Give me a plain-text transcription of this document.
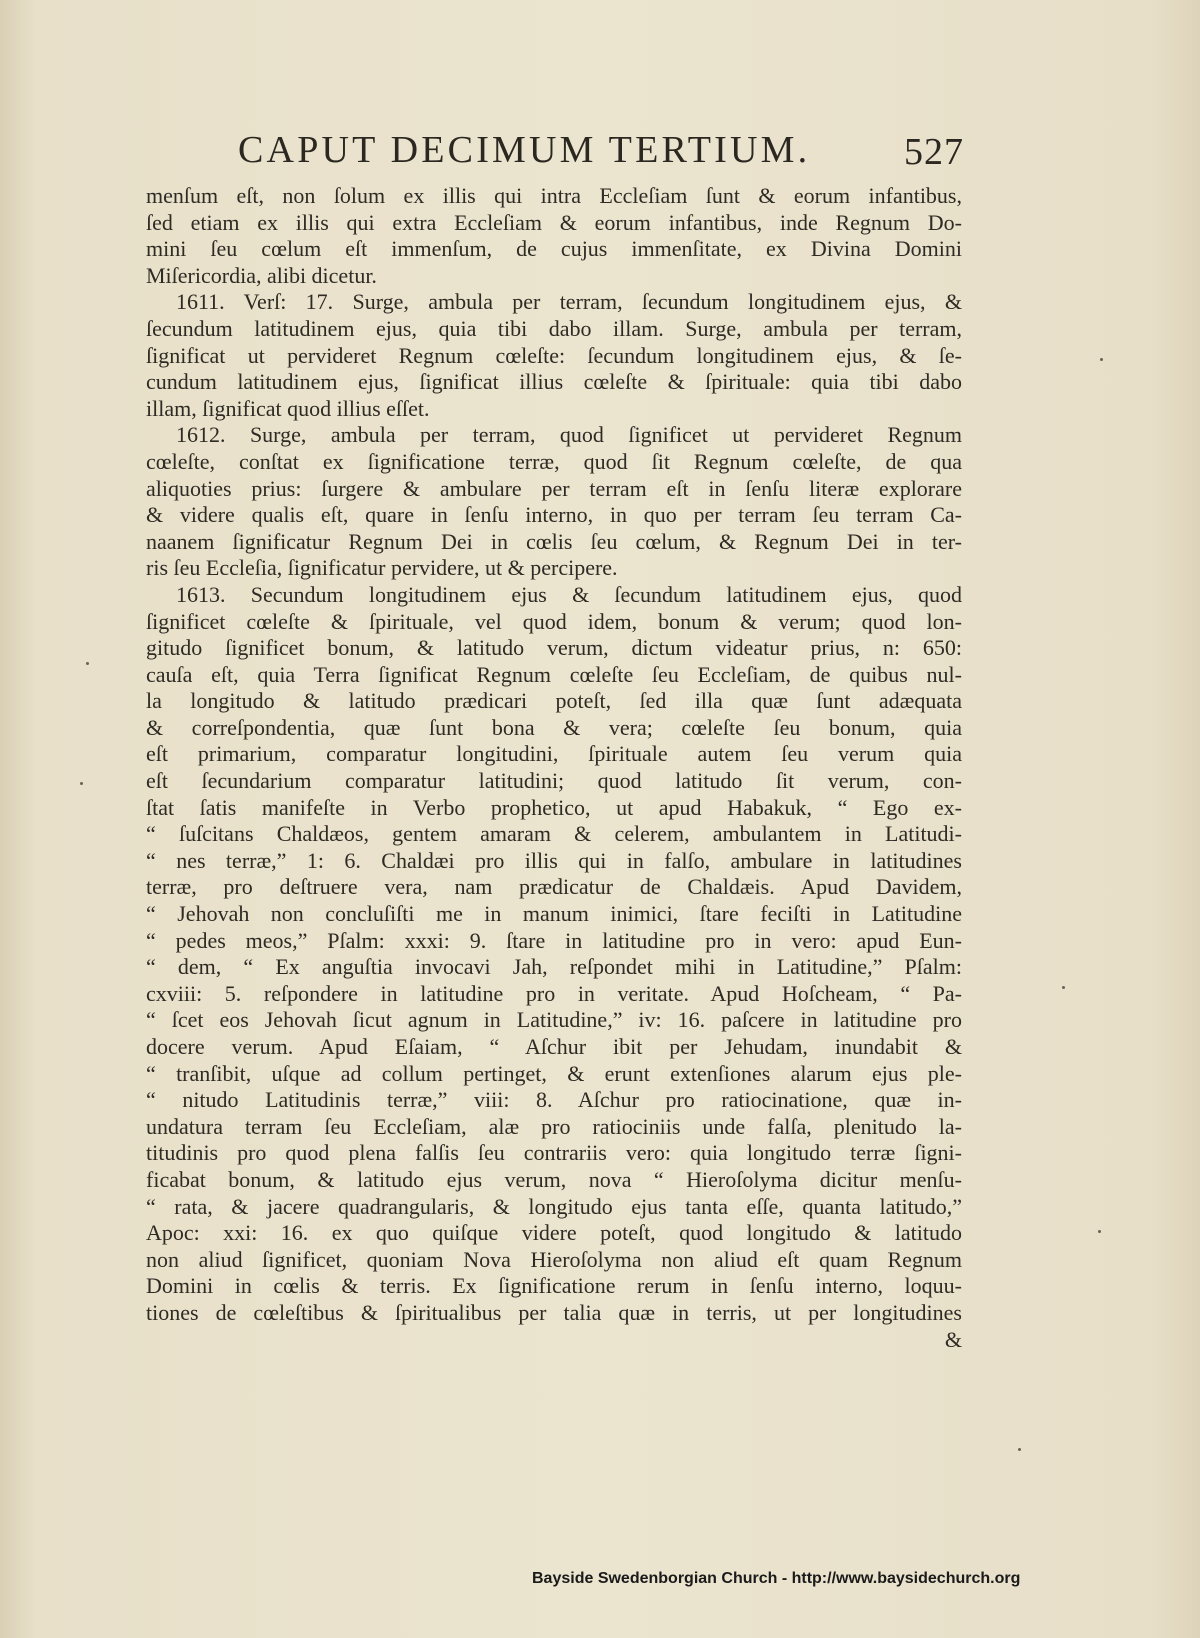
CAPUT DECIMUM TERTIUM. 527
menſum eſt, non ſolum ex illis qui intra Eccleſiam ſunt & eorum infantibus,
ſed etiam ex illis qui extra Eccleſiam & eorum infantibus, inde Regnum Do-
mini ſeu cœlum eſt immenſum, de cujus immenſitate, ex Divina Domini
Miſericordia, alibi dicetur.
1611. Verſ: 17. Surge, ambula per terram, ſecundum longitudinem ejus, &
ſecundum latitudinem ejus, quia tibi dabo illam. Surge, ambula per terram,
ſignificat ut pervideret Regnum cœleſte: ſecundum longitudinem ejus, & ſe-
cundum latitudinem ejus, ſignificat illius cœleſte & ſpirituale: quia tibi dabo
illam, ſignificat quod illius eſſet.
1612. Surge, ambula per terram, quod ſignificet ut pervideret Regnum
cœleſte, conſtat ex ſignificatione terræ, quod ſit Regnum cœleſte, de qua
aliquoties prius: ſurgere & ambulare per terram eſt in ſenſu literæ explorare
& videre qualis eſt, quare in ſenſu interno, in quo per terram ſeu terram Ca-
naanem ſignificatur Regnum Dei in cœlis ſeu cœlum, & Regnum Dei in ter-
ris ſeu Eccleſia, ſignificatur pervidere, ut & percipere.
1613. Secundum longitudinem ejus & ſecundum latitudinem ejus, quod
ſignificet cœleſte & ſpirituale, vel quod idem, bonum & verum; quod lon-
gitudo ſignificet bonum, & latitudo verum, dictum videatur prius, n: 650:
cauſa eſt, quia Terra ſignificat Regnum cœleſte ſeu Eccleſiam, de quibus nul-
la longitudo & latitudo prædicari poteſt, ſed illa quæ ſunt adæquata
& correſpondentia, quæ ſunt bona & vera; cœleſte ſeu bonum, quia
eſt primarium, comparatur longitudini, ſpirituale autem ſeu verum quia
eſt ſecundarium comparatur latitudini; quod latitudo ſit verum, con-
ſtat ſatis manifeſte in Verbo prophetico, ut apud Habakuk, “ Ego ex-
“ ſuſcitans Chaldæos, gentem amaram & celerem, ambulantem in Latitudi-
“ nes terræ,” 1: 6. Chaldæi pro illis qui in falſo, ambulare in latitudines
terræ, pro deſtruere vera, nam prædicatur de Chaldæis. Apud Davidem,
“ Jehovah non concluſiſti me in manum inimici, ſtare feciſti in Latitudine
“ pedes meos,” Pſalm: xxxi: 9. ſtare in latitudine pro in vero: apud Eun-
“ dem, “ Ex anguſtia invocavi Jah, reſpondet mihi in Latitudine,” Pſalm:
cxviii: 5. reſpondere in latitudine pro in veritate. Apud Hoſcheam, “ Pa-
“ ſcet eos Jehovah ſicut agnum in Latitudine,” iv: 16. paſcere in latitudine pro
docere verum. Apud Eſaiam, “ Aſchur ibit per Jehudam, inundabit &
“ tranſibit, uſque ad collum pertinget, & erunt extenſiones alarum ejus ple-
“ nitudo Latitudinis terræ,” viii: 8. Aſchur pro ratiocinatione, quæ in-
undatura terram ſeu Eccleſiam, alæ pro ratiociniis unde falſa, plenitudo la-
titudinis pro quod plena falſis ſeu contrariis vero: quia longitudo terræ ſigni-
ficabat bonum, & latitudo ejus verum, nova “ Hieroſolyma dicitur menſu-
“ rata, & jacere quadrangularis, & longitudo ejus tanta eſſe, quanta latitudo,”
Apoc: xxi: 16. ex quo quiſque videre poteſt, quod longitudo & latitudo
non aliud ſignificet, quoniam Nova Hieroſolyma non aliud eſt quam Regnum
Domini in cœlis & terris. Ex ſignificatione rerum in ſenſu interno, loquu-
tiones de cœleſtibus & ſpiritualibus per talia quæ in terris, ut per longitudines
&
Bayside Swedenborgian Church - http://www.baysidechurch.org
